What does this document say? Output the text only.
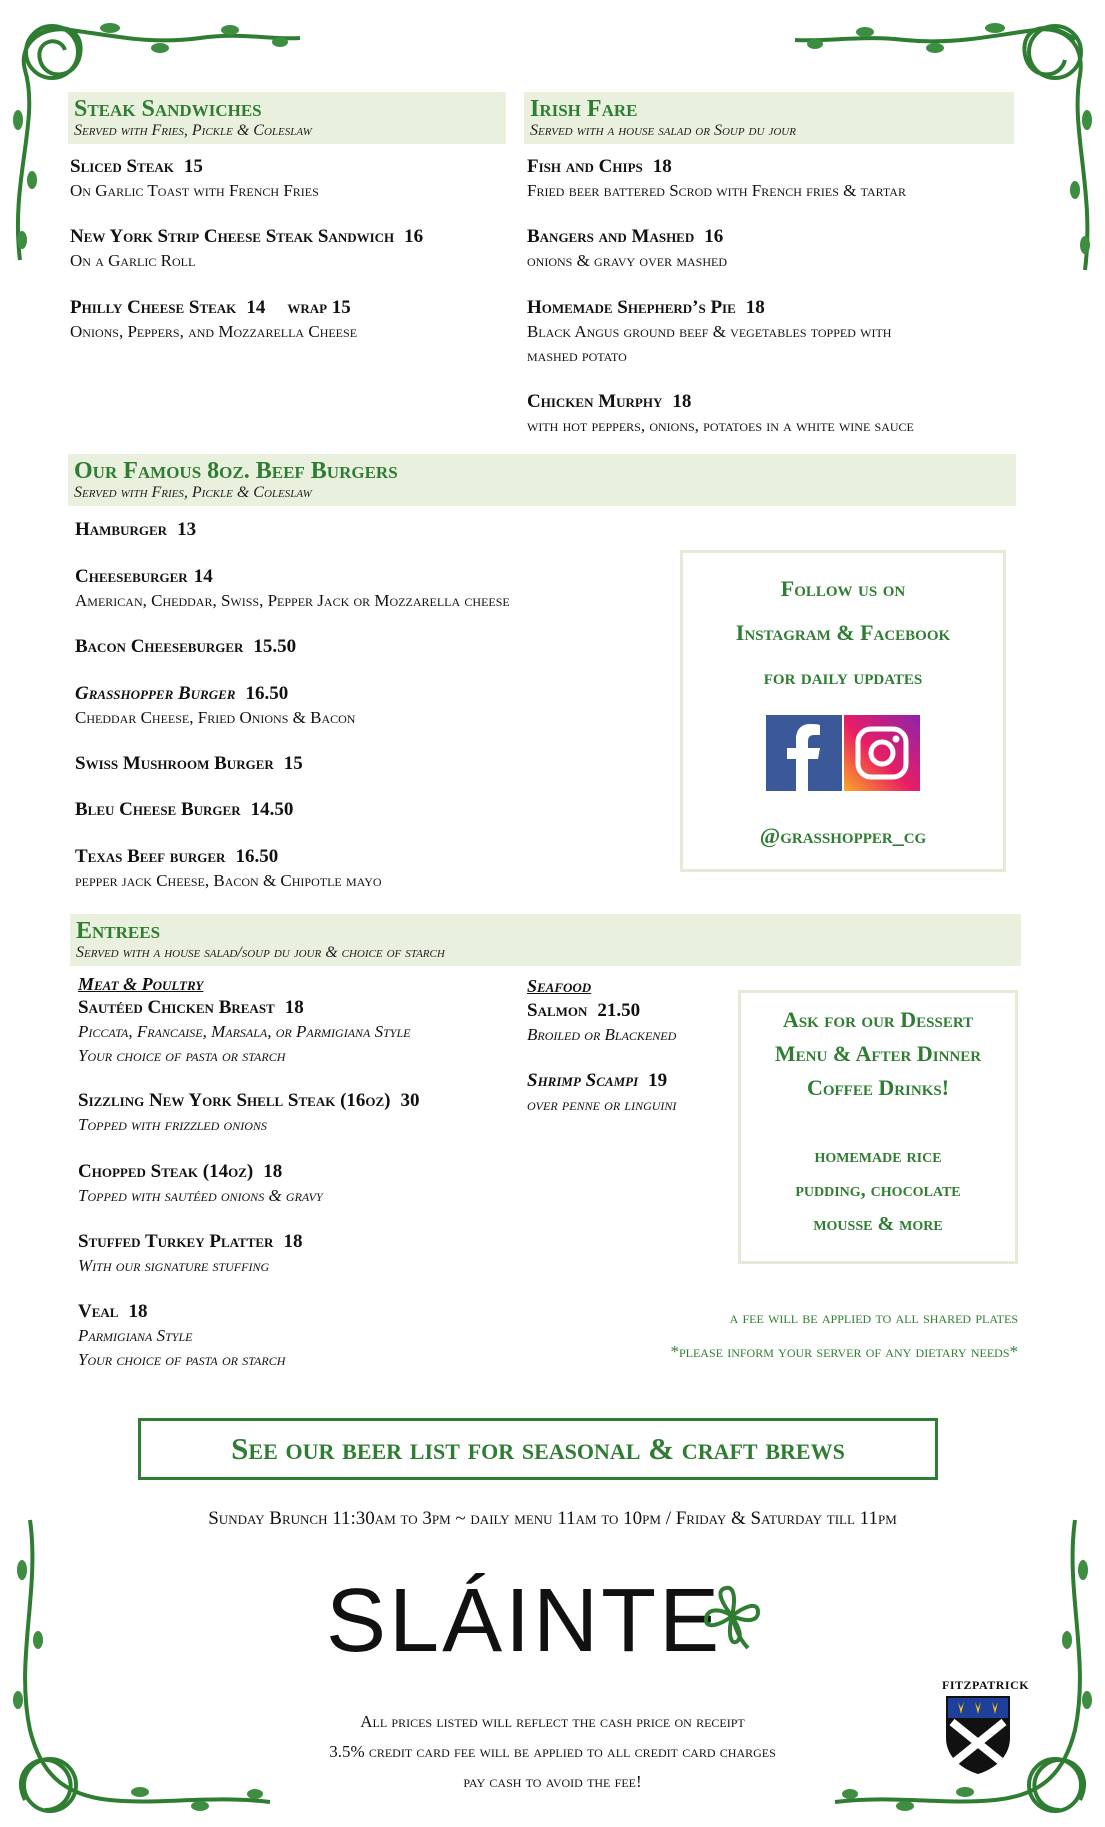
Steak Sandwiches
Served with Fries, Pickle & Coleslaw
Sliced Steak 15
On Garlic Toast with French Fries
New York Strip Cheese Steak Sandwich 16
On a Garlic Roll
Philly Cheese Steak 14 wrap 15
Onions, Peppers, and Mozzarella Cheese
Irish Fare
Served with a house salad or Soup du jour
Fish and Chips 18
Fried beer battered Scrod with French fries & tartar
Bangers and Mashed 16
onions & gravy over mashed
Homemade Shepherd’s Pie 18
Black Angus ground beef & vegetables topped with
mashed potato
Chicken Murphy 18
with hot peppers, onions, potatoes in a white wine sauce
Our Famous 8oz. Beef Burgers
Served with Fries, Pickle & Coleslaw
Hamburger 13
Cheeseburger 14
American, Cheddar, Swiss, Pepper Jack or Mozzarella cheese
Bacon Cheeseburger 15.50
Grasshopper Burger 16.50
Cheddar Cheese, Fried Onions & Bacon
Swiss Mushroom Burger 15
Bleu Cheese Burger 14.50
Texas Beef burger 16.50
pepper jack Cheese, Bacon & Chipotle mayo
Follow us on
Instagram & Facebook
for daily updates
@grasshopper_cg
Entrees
Served with a house salad/soup du jour & choice of starch
Meat & Poultry
Sautéed Chicken Breast 18
Piccata, Francaise, Marsala, or Parmigiana Style
Your choice of pasta or starch
Sizzling New York Shell Steak (16oz) 30
Topped with frizzled onions
Chopped Steak (14oz) 18
Topped with sautéed onions & gravy
Stuffed Turkey Platter 18
With our signature stuffing
Veal 18
Parmigiana Style
Your choice of pasta or starch
Seafood
Salmon 21.50
Broiled or Blackened
Shrimp Scampi 19
over penne or linguini
Ask for our Dessert
Menu & After Dinner
Coffee Drinks!
homemade rice
pudding, chocolate
mousse & more
a fee will be applied to all shared plates
*please inform your server of any dietary needs*
See our beer list for seasonal & craft brews
Sunday Brunch 11:30am to 3pm ~ daily menu 11am to 10pm / Friday & Saturday till 11pm
SLÁINTE
FITZPATRICK
All prices listed will reflect the cash price on receipt
3.5% credit card fee will be applied to all credit card charges
pay cash to avoid the fee!
